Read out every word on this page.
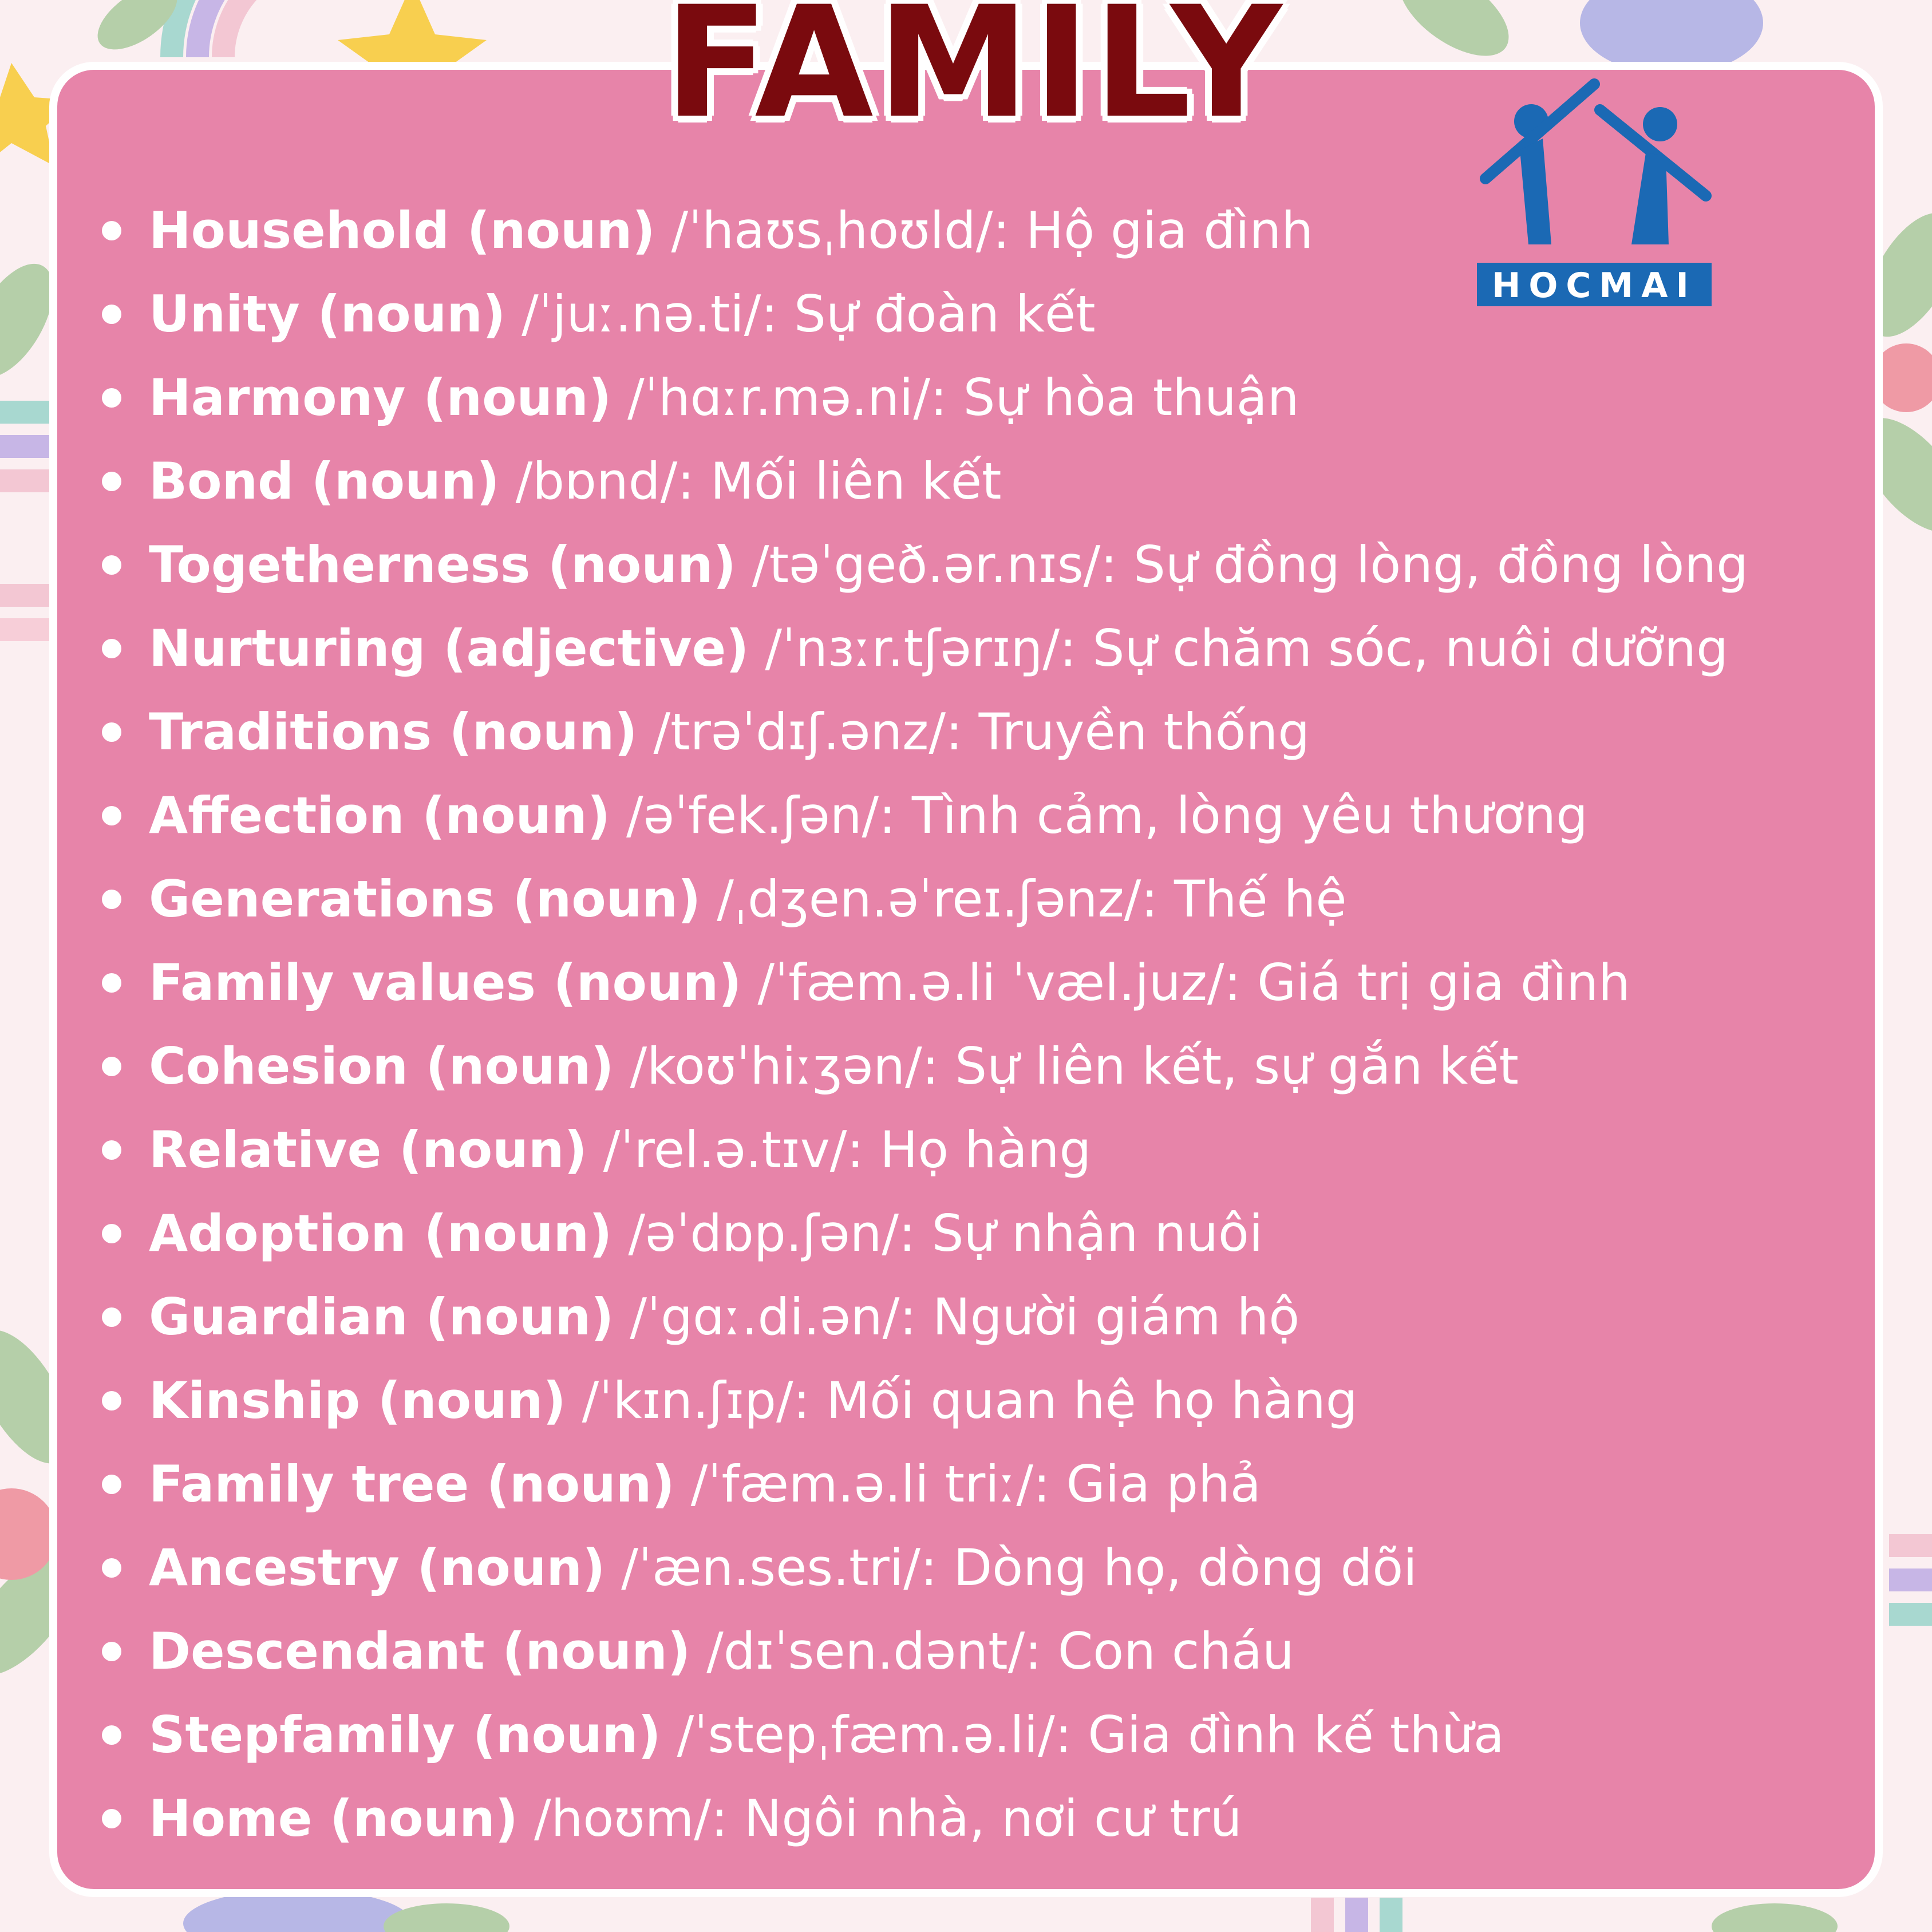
FAMILY
HOCMAI
Household (noun) /ˈhaʊsˌhoʊld/: Hộ gia đình
Unity (noun) /ˈjuː.nə.ti/: Sự đoàn kết
Harmony (noun) /ˈhɑːr.mə.ni/: Sự hòa thuận
Bond (noun) /bɒnd/: Mối liên kết
Togetherness (noun) /təˈgeð.ər.nɪs/: Sự đồng lòng, đồng lòng
Nurturing (adjective) /ˈnɜːr.tʃərɪŋ/: Sự chăm sóc, nuôi dưỡng
Traditions (noun) /trəˈdɪʃ.ənz/: Truyền thống
Affection (noun) /əˈfek.ʃən/: Tình cảm, lòng yêu thương
Generations (noun) /ˌdʒen.əˈreɪ.ʃənz/: Thế hệ
Family values (noun) /ˈfæm.ə.li ˈvæl.juz/: Giá trị gia đình
Cohesion (noun) /koʊˈhiːʒən/: Sự liên kết, sự gắn kết
Relative (noun) /ˈrel.ə.tɪv/: Họ hàng
Adoption (noun) /əˈdɒp.ʃən/: Sự nhận nuôi
Guardian (noun) /ˈgɑː.di.ən/: Người giám hộ
Kinship (noun) /ˈkɪn.ʃɪp/: Mối quan hệ họ hàng
Family tree (noun) /ˈfæm.ə.li triː/: Gia phả
Ancestry (noun) /ˈæn.ses.tri/: Dòng họ, dòng dõi
Descendant (noun) /dɪˈsen.dənt/: Con cháu
Stepfamily (noun) /ˈstepˌfæm.ə.li/: Gia đình kế thừa
Home (noun) /hoʊm/: Ngôi nhà, nơi cư trú
